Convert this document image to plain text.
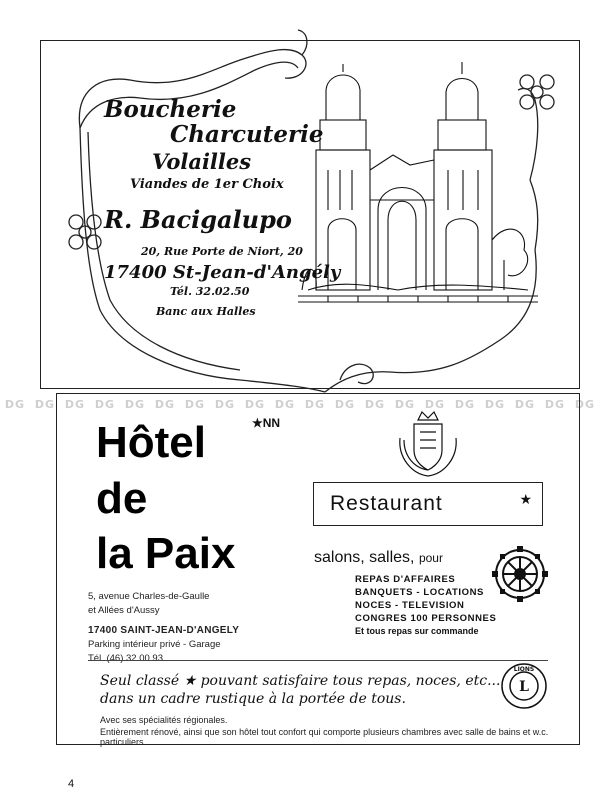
Boucherie
Charcuterie
Volailles
Viandes de 1er Choix
R. Bacigalupo
20, Rue Porte de Niort, 20
17400 St-Jean-d'Angély
Tél. 32.02.50
Banc aux Halles
DG DG DG DG DG DG DG DG DG DG DG DG DG DG DG DG DG DG DG DG
Hôtel
de
la Paix
★NN
Restaurant	★
salons, salles, pour
REPAS D'AFFAIRES
BANQUETS - LOCATIONS
NOCES - TELEVISION
CONGRES 100 PERSONNES
Et tous repas sur commande
5, avenue Charles-de-Gaulle
et Allées d'Aussy
17400 SAINT-JEAN-D'ANGELY
Parking intérieur privé - Garage
Tél. (46) 32 00 93
Seul classé ★ pouvant satisfaire tous repas, noces, etc...
dans un cadre rustique à la portée de tous.
L
LIONS
Avec ses spécialités régionales.
Entièrement rénové, ainsi que son hôtel tout confort qui comporte plusieurs chambres avec salle de bains et w.c. particuliers.
4
